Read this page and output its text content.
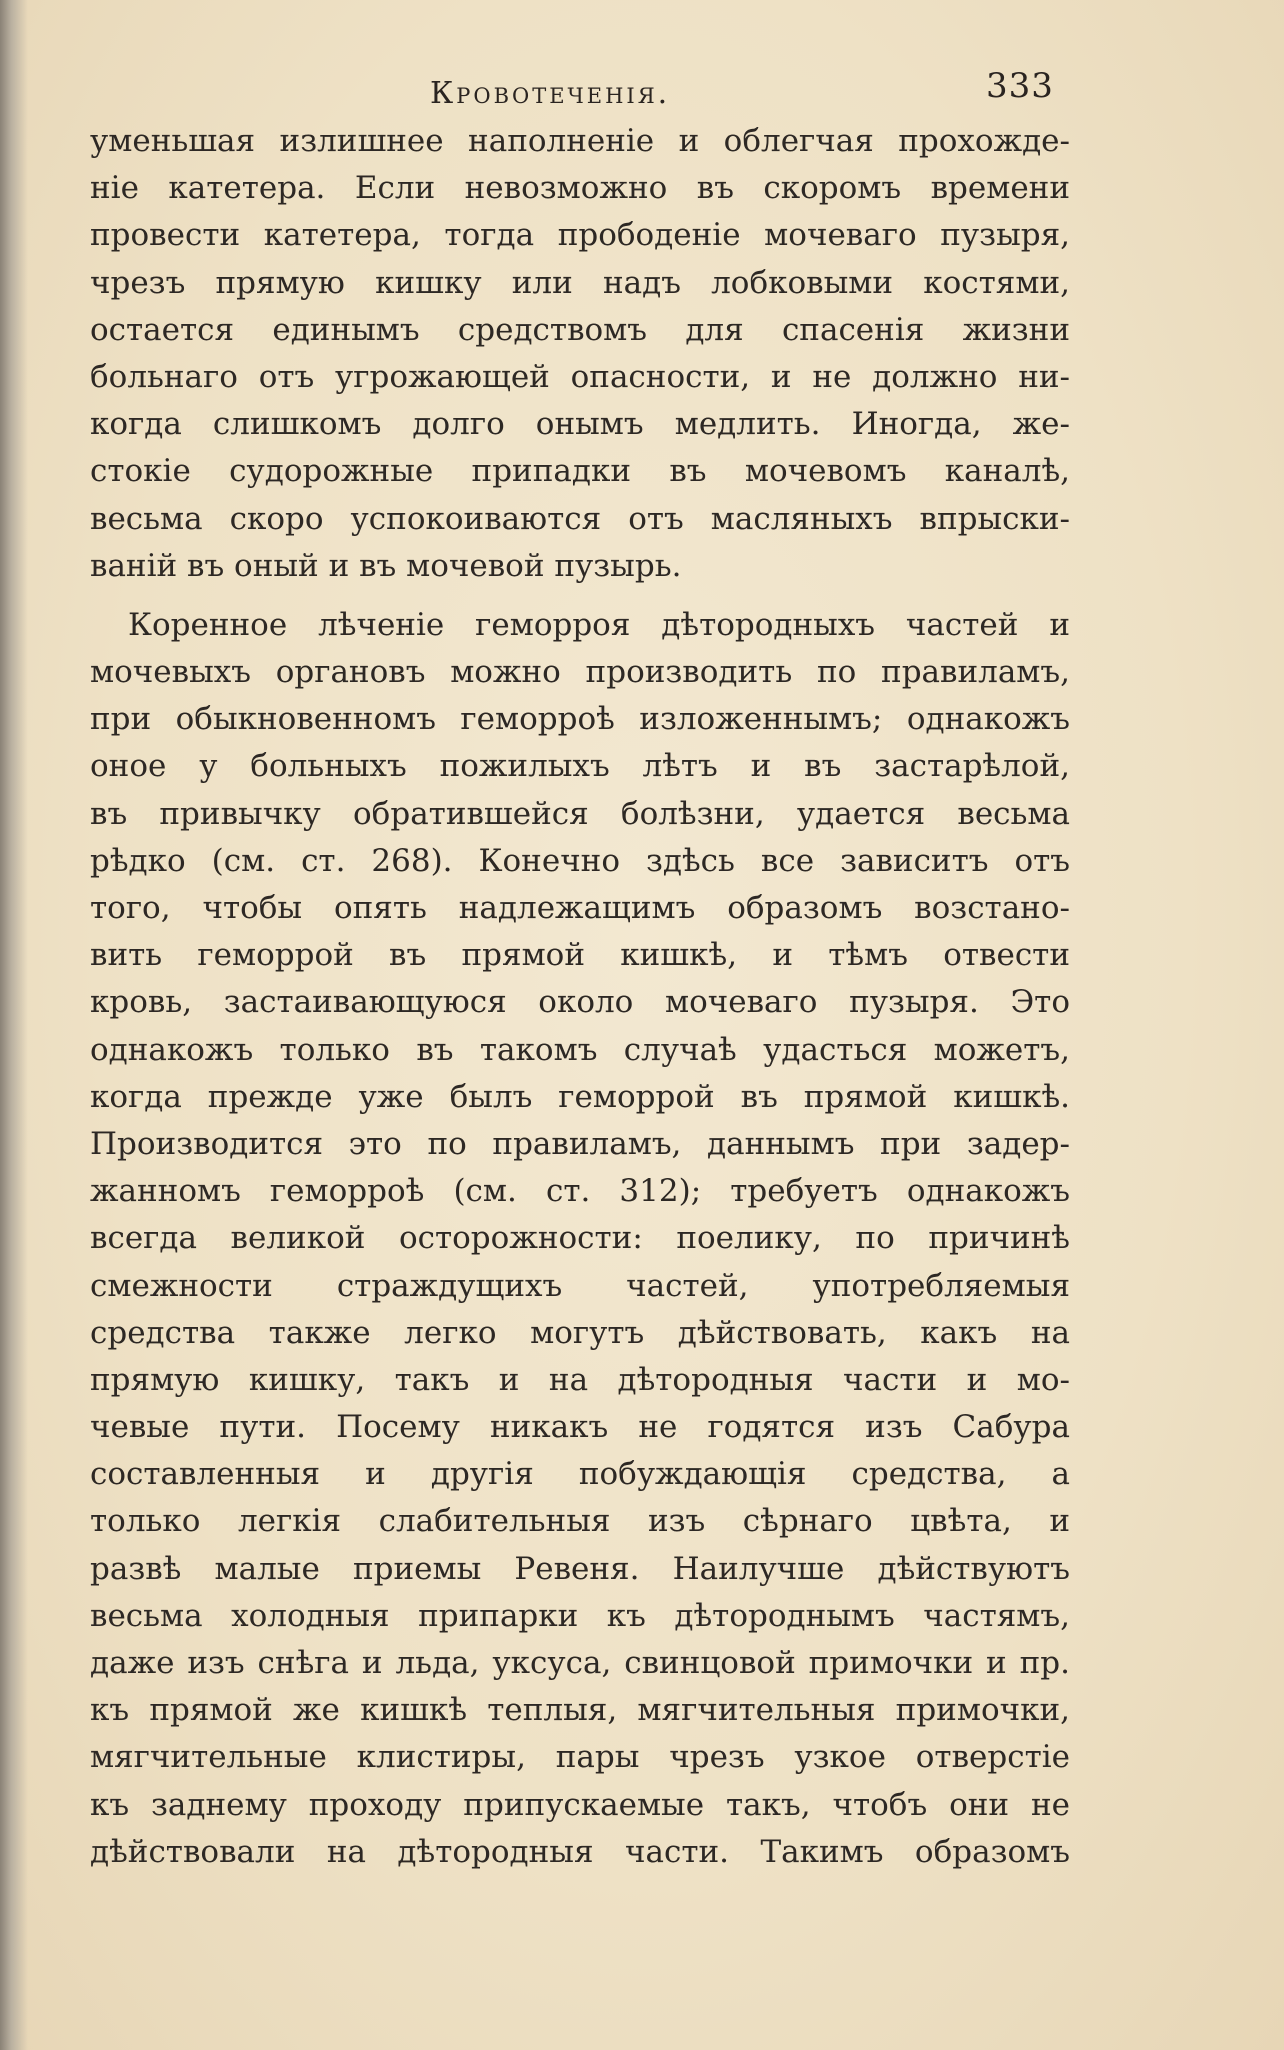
Кровотеченія.	333
уменьшая излишнее наполненіе и облегчая прохожде-
ніе катетера. Если невозможно въ скоромъ времени
провести катетера, тогда прободеніе мочеваго пузыря,
чрезъ прямую кишку или надъ лобковыми костями,
остается единымъ средствомъ для спасенія жизни
больнаго отъ угрожающей опасности, и не должно ни-
когда слишкомъ долго онымъ медлить. Иногда, же-
стокіе судорожные припадки въ мочевомъ каналѣ,
весьма скоро успокоиваются отъ масляныхъ впрыски-
ваній въ оный и въ мочевой пузырь.
Коренное лѣченіе геморроя дѣтородныхъ частей и
мочевыхъ органовъ можно производить по правиламъ,
при обыкновенномъ геморроѣ изложеннымъ; однакожъ
оное у больныхъ пожилыхъ лѣтъ и въ застарѣлой,
въ привычку обратившейся болѣзни, удается весьма
рѣдко (см. ст. 268). Конечно здѣсь все зависитъ отъ
того, чтобы опять надлежащимъ образомъ возстано-
вить геморрой въ прямой кишкѣ, и тѣмъ отвести
кровь, застаивающуюся около мочеваго пузыря. Это
однакожъ только въ такомъ случаѣ удасться можетъ,
когда прежде уже былъ геморрой въ прямой кишкѣ.
Производится это по правиламъ, даннымъ при задер-
жанномъ геморроѣ (см. ст. 312); требуетъ однакожъ
всегда великой осторожности: поелику, по причинѣ
смежности страждущихъ частей, употребляемыя
средства также легко могутъ дѣйствовать, какъ на
прямую кишку, такъ и на дѣтородныя части и мо-
чевые пути. Посему никакъ не годятся изъ Сабура
составленныя и другія побуждающія средства, а
только легкія слабительныя изъ сѣрнаго цвѣта, и
развѣ малые приемы Ревеня. Наилучше дѣйствуютъ
весьма холодныя припарки къ дѣтороднымъ частямъ,
даже изъ снѣга и льда, уксуса, свинцовой примочки и пр.
къ прямой же кишкѣ теплыя, мягчительныя примочки,
мягчительные клистиры, пары чрезъ узкое отверстіе
къ заднему проходу припускаемые такъ, чтобъ они не
дѣйствовали на дѣтородныя части. Такимъ образомъ
